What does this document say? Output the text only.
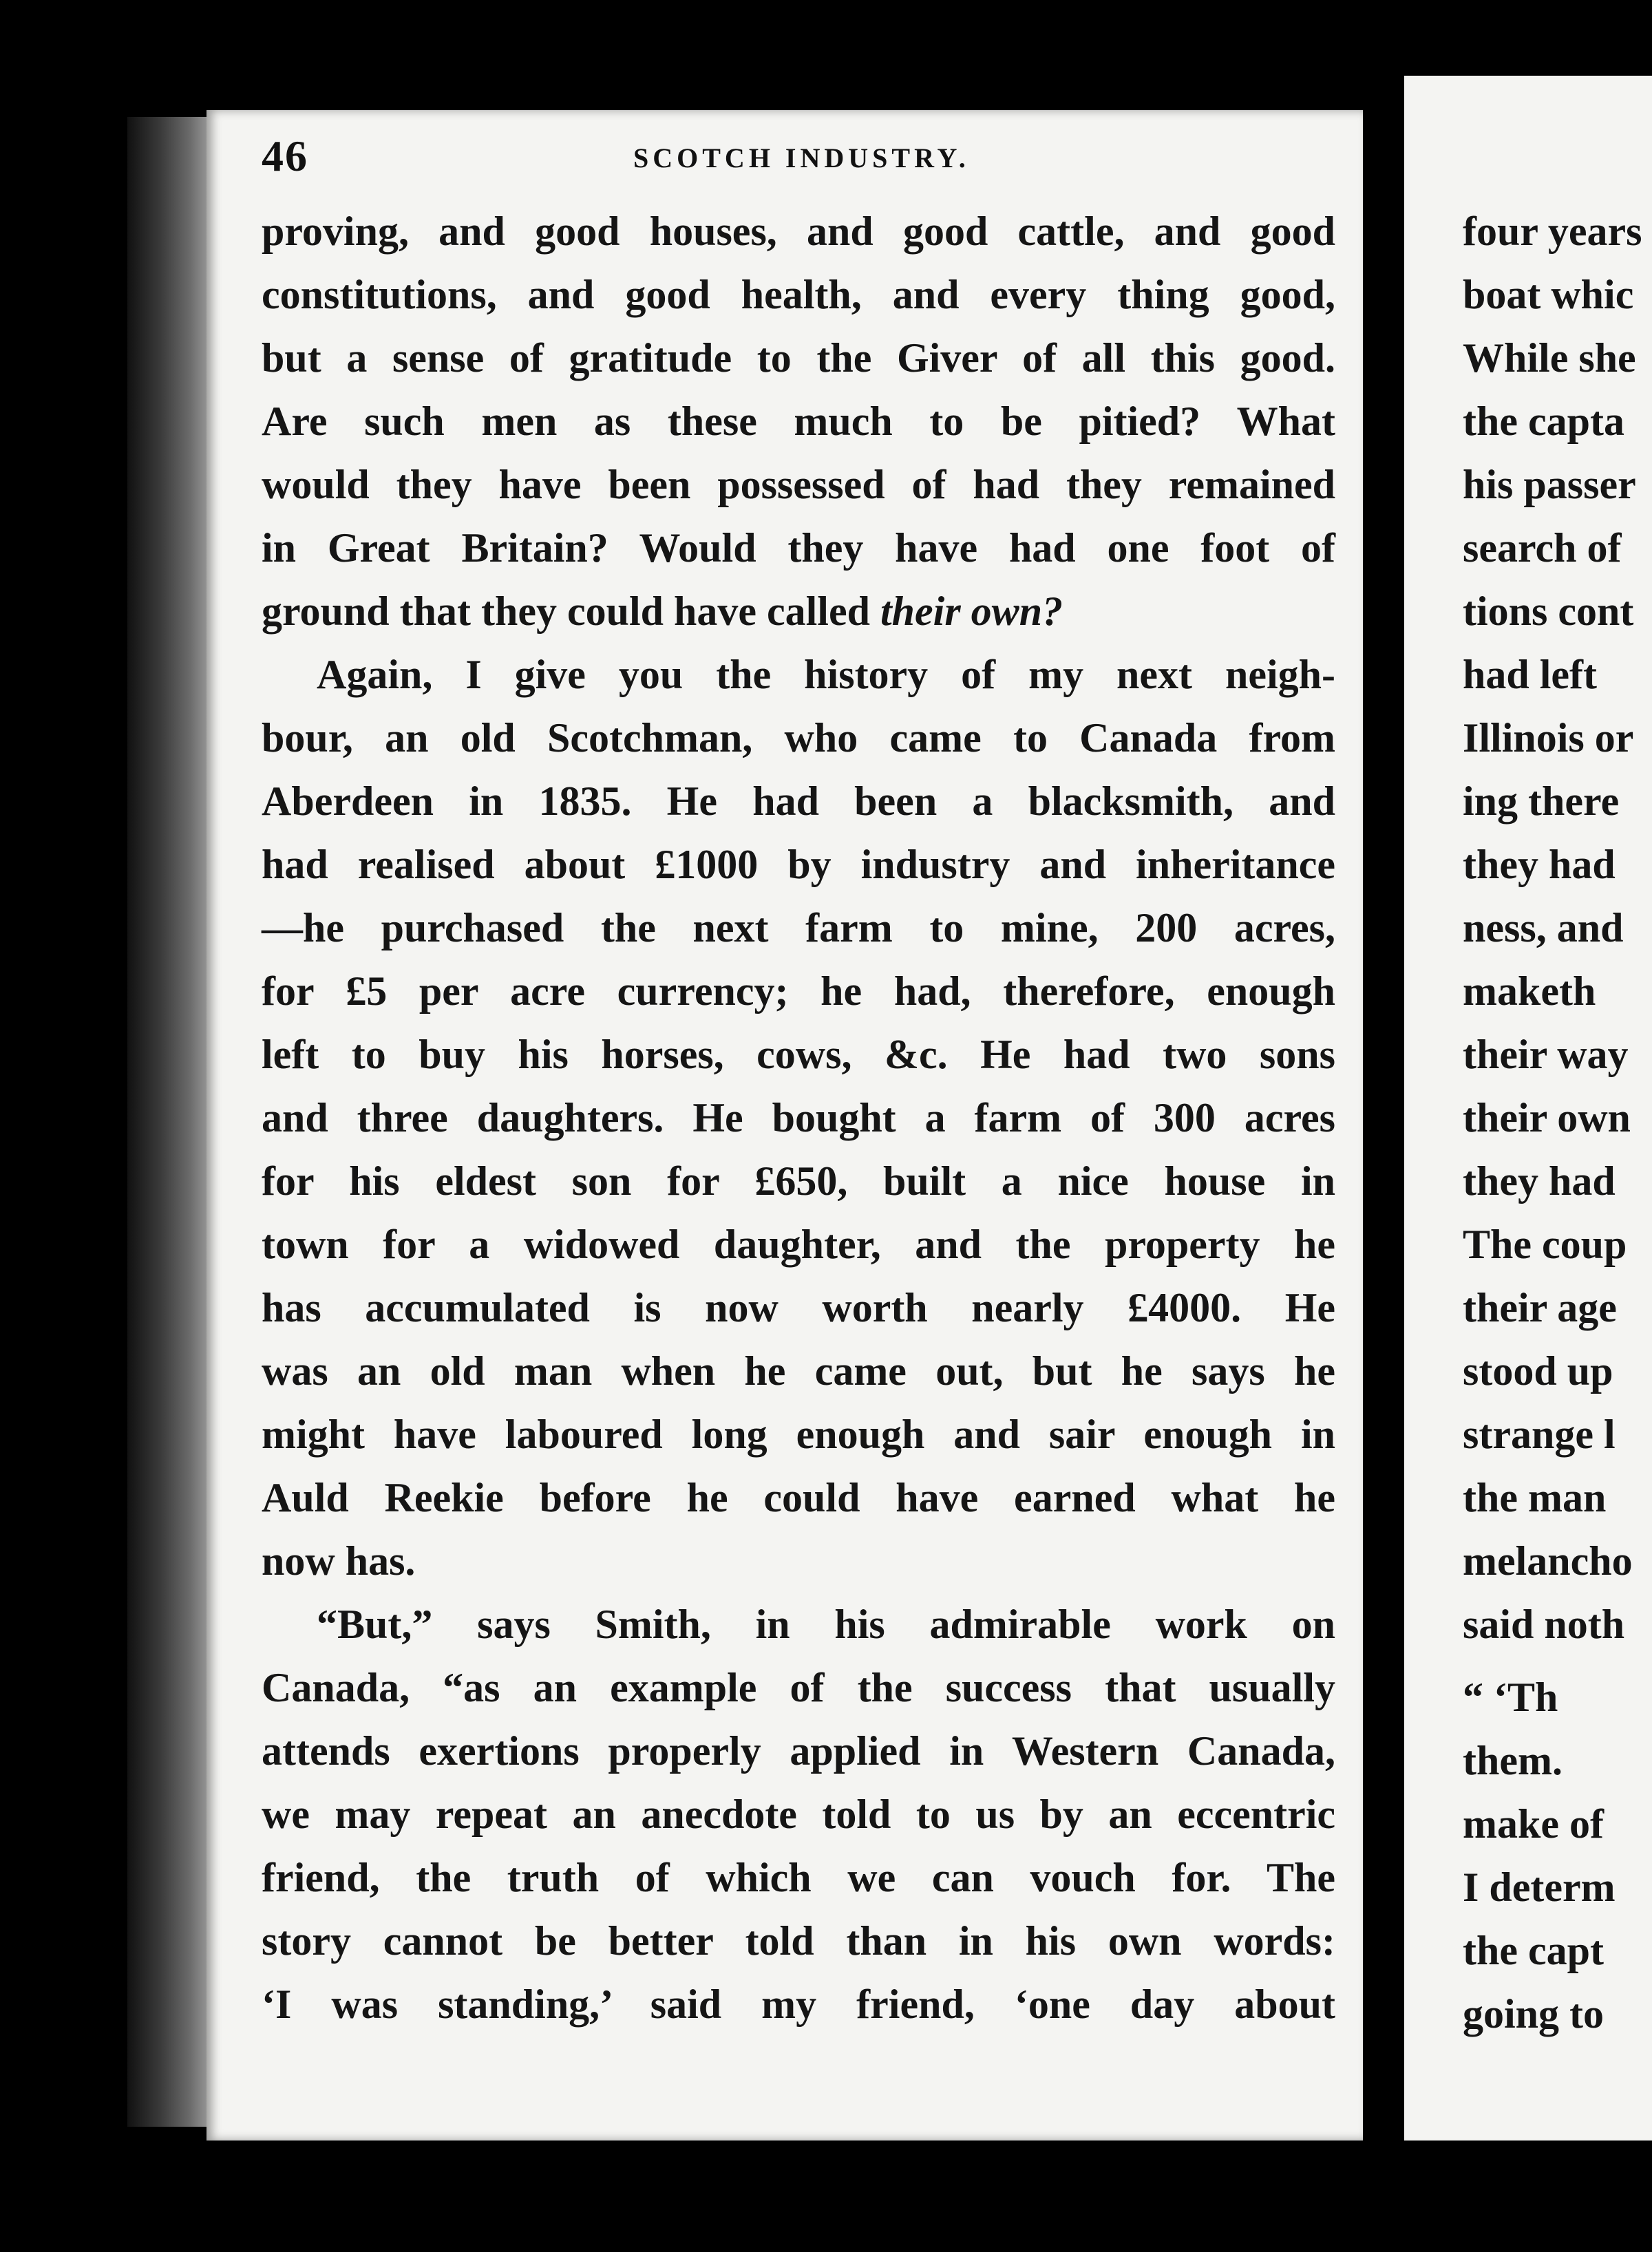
46	SCOTCH INDUSTRY.
proving, and good houses, and good cattle, and good
constitutions, and good health, and every thing good,
but a sense of gratitude to the Giver of all this good.
Are such men as these much to be pitied? What
would they have been possessed of had they remained
in Great Britain? Would they have had one foot of
ground that they could have called their own?
Again, I give you the history of my next neigh-
bour, an old Scotchman, who came to Canada from
Aberdeen in 1835. He had been a blacksmith, and
had realised about £1000 by industry and inheritance
—he purchased the next farm to mine, 200 acres,
for £5 per acre currency; he had, therefore, enough
left to buy his horses, cows, &c. He had two sons
and three daughters. He bought a farm of 300 acres
for his eldest son for £650, built a nice house in
town for a widowed daughter, and the property he
has accumulated is now worth nearly £4000. He
was an old man when he came out, but he says he
might have laboured long enough and sair enough in
Auld Reekie before he could have earned what he
now has.
“But,” says Smith, in his admirable work on
Canada, “as an example of the success that usually
attends exertions properly applied in Western Canada,
we may repeat an anecdote told to us by an eccentric
friend, the truth of which we can vouch for. The
story cannot be better told than in his own words:
‘I was standing,’ said my friend, ‘one day about
four years
boat whic
While she
the capta
his passer
search of
tions cont
had left
Illinois or
ing there
they had
ness, and
maketh
their way
their own
they had
The coup
their age
stood up
strange l
the man
melancho
said noth
“ ‘Th
them.
make of
I determ
the capt
going to
